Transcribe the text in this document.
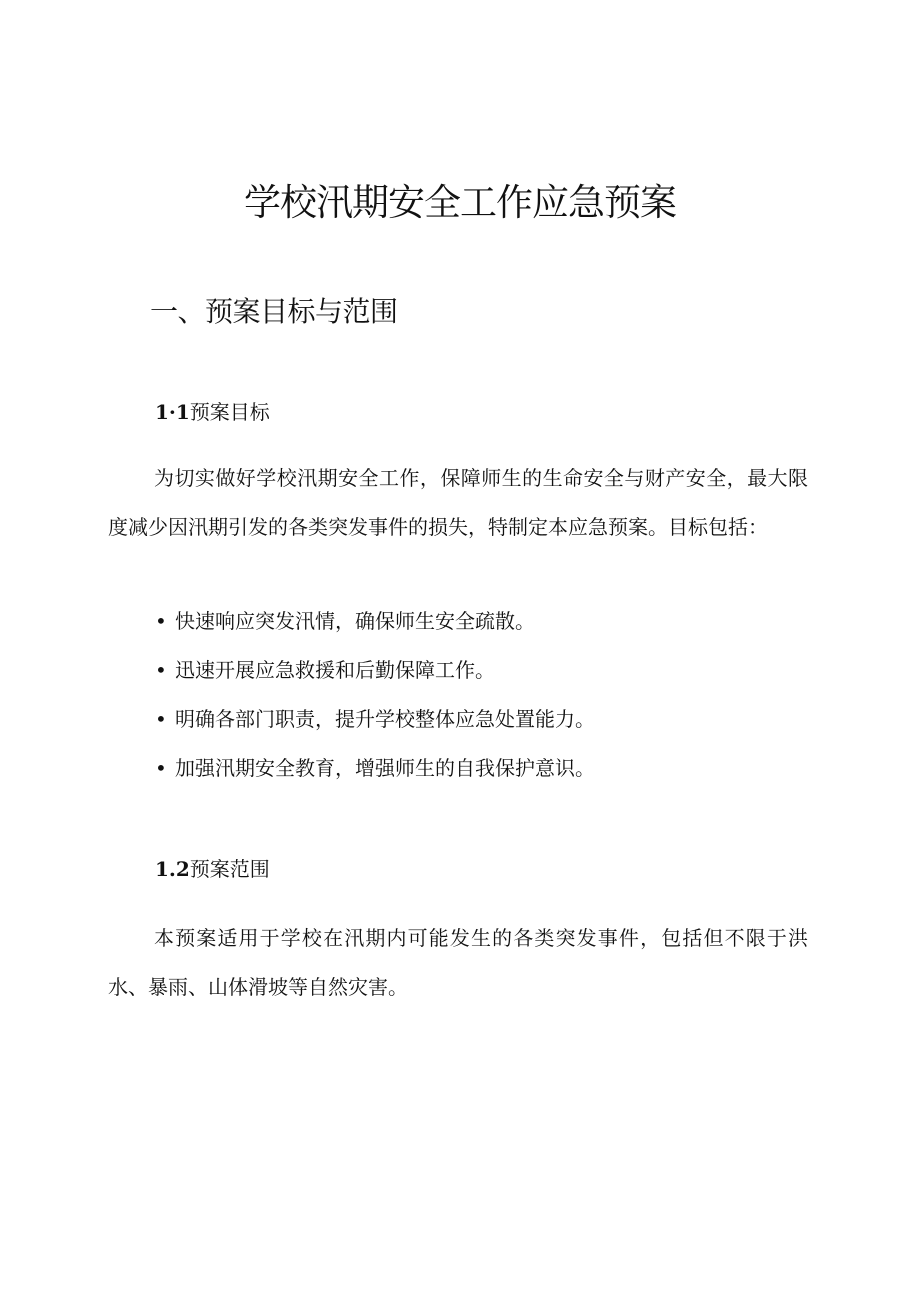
学校汛期安全工作应急预案
一、预案目标与范围
1·1预案目标

为切实做好学校汛期安全工作，保障师生的生命安全与财产安全，最大限度减少因汛期引发的各类突发事件的损失，特制定本应急预案。目标包括：

• 快速响应突发汛情，确保师生安全疏散。
• 迅速开展应急救援和后勤保障工作。
• 明确各部门职责，提升学校整体应急处置能力。
• 加强汛期安全教育，增强师生的自我保护意识。
1.2预案范围

本预案适用于学校在汛期内可能发生的各类突发事件，包括但不限于洪水、暴雨、山体滑坡等自然灾害。
